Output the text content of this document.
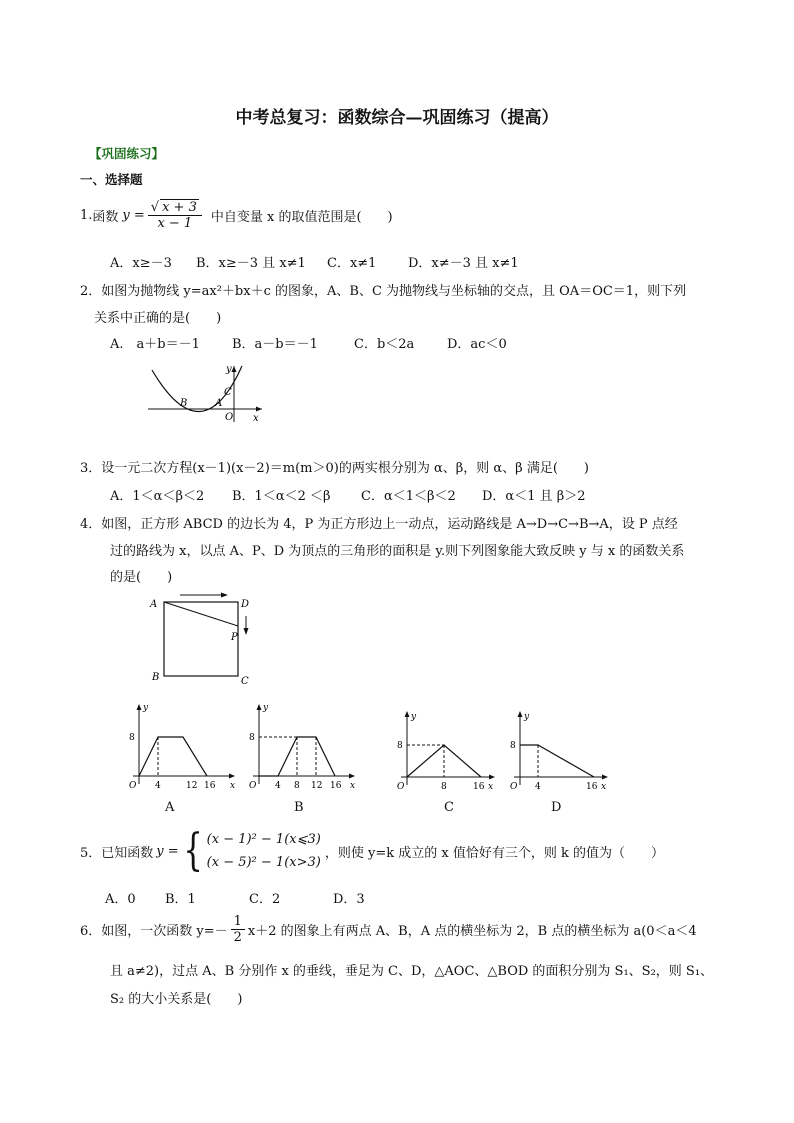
中考总复习：函数综合—巩固练习（提高）
【巩固练习】
一、选择题
1. 函数 $y = \frac{√ x + 3}{x - 1}$ 中自变量 x 的取值范围是(　　)
A．x≥－3 B．x≥－3 且 x≠1 C．x≠1 D．x≠－3 且 x≠1
2．如图为抛物线 y=ax²＋bx＋c 的图象，A、B、C 为抛物线与坐标轴的交点，且 OA＝OC＝1，则下列
关系中正确的是(　　)
A.　a＋b＝－1 B．a－b＝－1	C．b＜2a	D．ac＜0
y
x
O
A
B
C
3．设一元二次方程(x－1)(x－2)＝m(m＞0)的两实根分别为 α、β，则 α、β 满足(　　)
A．1＜α＜β＜2 B．1＜α＜2 ＜β C．α＜1＜β＜2 D．α＜1 且 β＞2
4．如图，正方形 ABCD 的边长为 4，P 为正方形边上一动点，运动路线是 A→D→C→B→A，设 P 点经
过的路线为 x，以点 A、P、D 为顶点的三角形的面积是 y.则下列图象能大致反映 y 与 x 的函数关系
的是(　　)
A	D
P
B	C
8
y
x
O 4	12 16
A
8
y
x
O 4 8 12 16
B
8
y
x
O	8	16
C
8
y
x
O 4	16
D
5．已知函数 y = { (x − 1)² − 1(x⩽3)
(x − 5)² − 1(x>3)
，则使 y=k 成立的 x 值恰好有三个，则 k 的值为（　　）
A．0 B．1	C．2	D．3
6．如图，一次函数 $y=- \frac{1}{2} x+2$ 的图象上有两点 A、B，A 点的横坐标为 2，B 点的横坐标为 a(0＜a＜4
且 a≠2)，过点 A、B 分别作 x 的垂线，垂足为 C、D，△AOC、△BOD 的面积分别为 S₁、S₂，则 S₁、
S₂ 的大小关系是(　　)
